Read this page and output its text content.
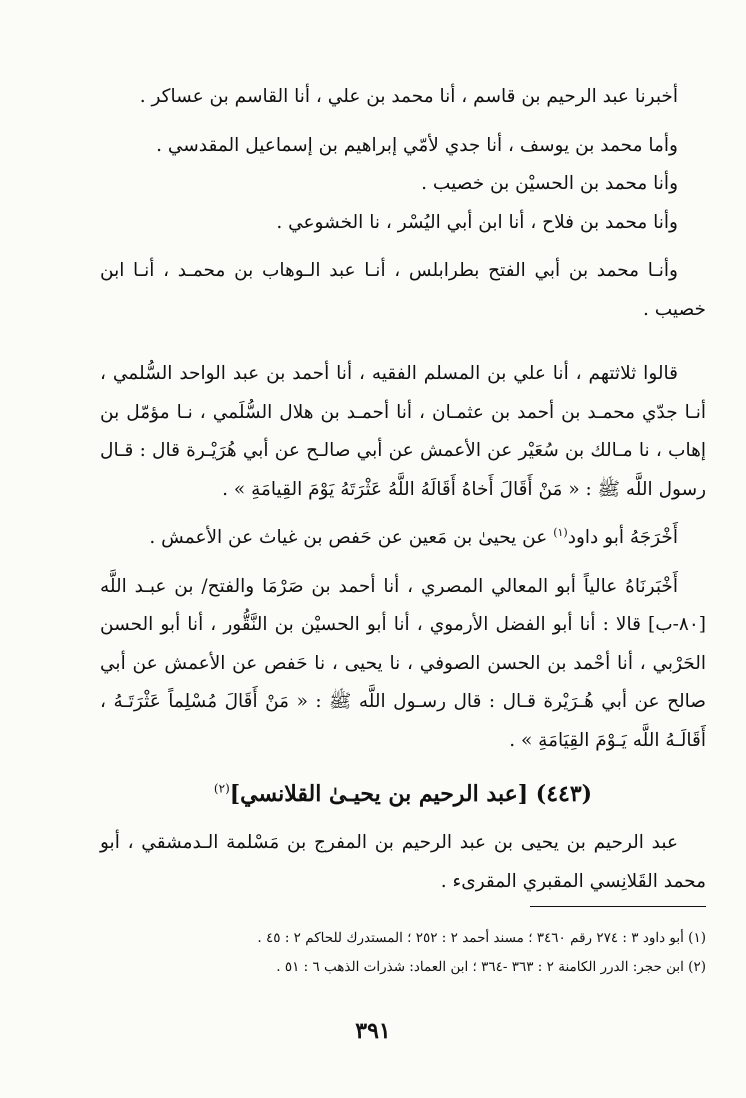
أخبرنا عبد الرحيم بن قاسم ، أنا محمد بن علي ، أنا القاسم بن عساكر .

وأما محمد بن يوسف ، أنا جدي لأمّي إبراهيم بن إسماعيل المقدسي .

وأنا محمد بن الحسيْن بن خصيب .

وأنا محمد بن فلاح ، أنا ابن أبي اليُسْر ، نا الخشوعي .

وأنـا محمد بن أبي الفتح بطرابلس ، أنـا عبد الـوهاب بن محمـد ، أنـا ابن خصيب .

قالوا ثلاثتهم ، أنا علي بن المسلم الفقيه ، أنا أحمد بن عبد الواحد السُّلمي ، أنـا جدّي محمـد بن أحمد بن عثمـان ، أنا أحمـد بن هلال السُّلَمي ، نـا مؤمّل بن إهاب ، نا مـالك بن سُعَيْر عن الأعمش عن أبي صالـح عن أبي هُرَيْـرة قال : قـال رسول اللَّه ﷺ : « مَنْ أَقَالَ أَخاهُ أَقَالَهُ اللَّهُ عَثْرَتَهُ يَوْمَ القِيامَةِ » .

أَخْرَجَهُ أبو داود$^{(١)}$ عن يحيىٰ بن مَعين عن حَفص بن غياث عن الأعمش .

أَخْبَرنَاهُ عالياً أبو المعالي المصري ، أنا أحمد بن صَرْمَا والفتح/ بن عبـد اللَّه [٨٠-ب] قالا : أنا أبو الفضل الأرموي ، أنا أبو الحسيْن بن النَّقُّور ، أنا أبو الحسن الحَرْبي ، أنا أحْمد بن الحسن الصوفي ، نا يحيى ، نا حَفص عن الأعمش عن أبي صالح عن أبي هُـرَيْرة قـال : قال رسـول اللَّه ﷺ : « مَنْ أَقَالَ مُسْلِماً عَثْرَتَـهُ ، أَقَالَـهُ اللَّه يَـوْمَ القِيَامَةِ » .

(٤٤٣) [عبد الرحيم بن يحيـىٰ القلانسي]$^{(٢)}$

عبد الرحيم بن يحيى بن عبد الرحيم بن المفرج بن مَسْلمة الـدمشقي ، أبو محمد القَلانِسي المقبري المقرىء .

(١) أبو داود ٣ : ٢٧٤ رقم ٣٤٦٠ ؛ مسند أحمد ٢ : ٢٥٢ ؛ المستدرك للحاكم ٢ : ٤٥ .

(٢) ابن حجر: الدرر الكامنة ٢ : ٣٦٣ -٣٦٤ ؛ ابن العماد: شذرات الذهب ٦ : ٥١ .

٣٩١
